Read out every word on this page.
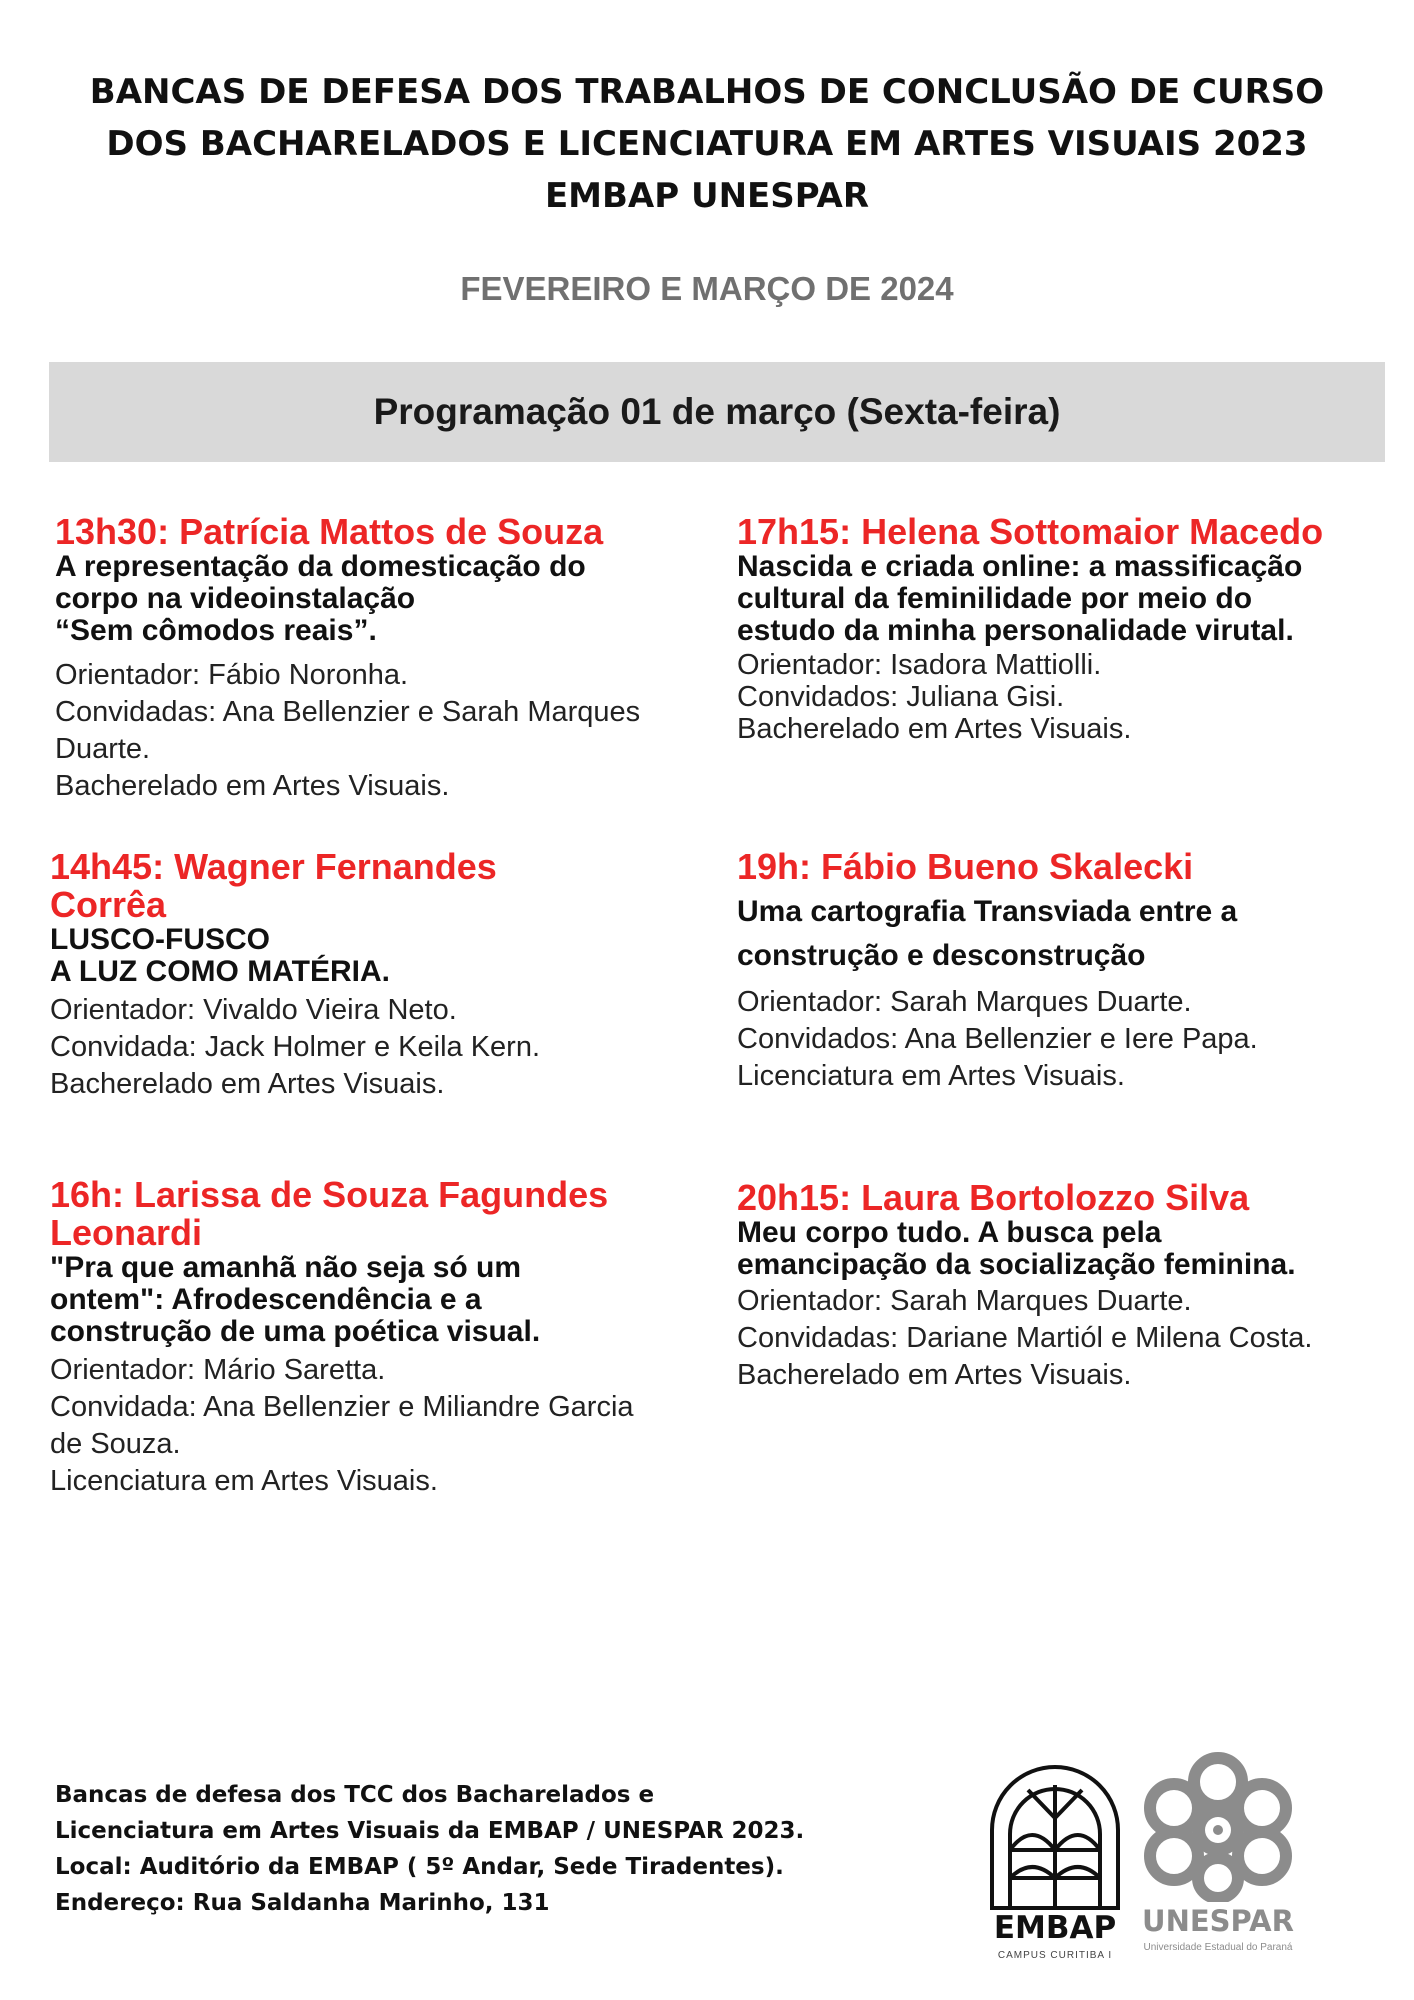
BANCAS DE DEFESA DOS TRABALHOS DE CONCLUSÃO DE CURSO
DOS BACHARELADOS E LICENCIATURA EM ARTES VISUAIS 2023
EMBAP UNESPAR
FEVEREIRO E MARÇO DE 2024
Programação 01 de março (Sexta-feira)
13h30: Patrícia Mattos de Souza
A representação da domesticação do
corpo na videoinstalação
“Sem cômodos reais”.
Orientador: Fábio Noronha.
Convidadas: Ana Bellenzier e Sarah Marques
Duarte.
Bacherelado em Artes Visuais.
14h45: Wagner Fernandes
Corrêa
LUSCO-FUSCO
A LUZ COMO MATÉRIA.
Orientador: Vivaldo Vieira Neto.
Convidada: Jack Holmer e Keila Kern.
Bacherelado em Artes Visuais.
16h: Larissa de Souza Fagundes
Leonardi
"Pra que amanhã não seja só um
ontem": Afrodescendência e a
construção de uma poética visual.
Orientador: Mário Saretta.
Convidada: Ana Bellenzier e Miliandre Garcia
de Souza.
Licenciatura em Artes Visuais.
17h15: Helena Sottomaior Macedo
Nascida e criada online: a massificação
cultural da feminilidade por meio do
estudo da minha personalidade virutal.
Orientador: Isadora Mattiolli.
Convidados: Juliana Gisi.
Bacherelado em Artes Visuais.
19h: Fábio Bueno Skalecki
Uma cartografia Transviada entre a
construção e desconstrução
Orientador: Sarah Marques Duarte.
Convidados: Ana Bellenzier e Iere Papa.
Licenciatura em Artes Visuais.
20h15: Laura Bortolozzo Silva
Meu corpo tudo. A busca pela
emancipação da socialização feminina.
Orientador: Sarah Marques Duarte.
Convidadas: Dariane Martiól e Milena Costa.
Bacherelado em Artes Visuais.
Bancas de defesa dos TCC dos Bacharelados e
Licenciatura em Artes Visuais da EMBAP / UNESPAR 2023.
Local: Auditório da EMBAP ( 5º Andar, Sede Tiradentes).
Endereço: Rua Saldanha Marinho, 131
EMBAP
CAMPUS CURITIBA I
UNESPAR
Universidade Estadual do Paraná
